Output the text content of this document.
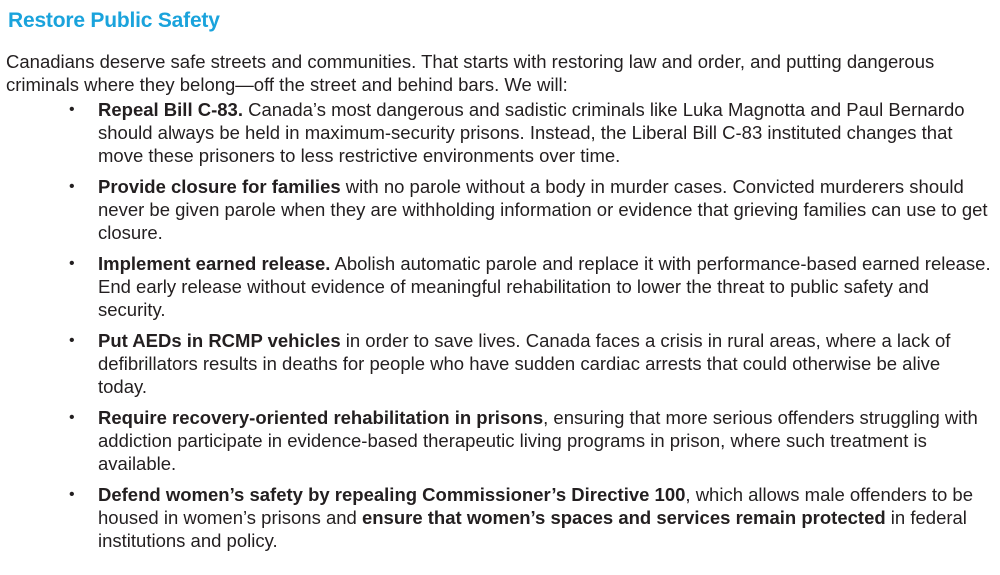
Restore Public Safety
Canadians deserve safe streets and communities. That starts with restoring law and order, and putting dangerous criminals where they belong—off the street and behind bars. We will:
• Repeal Bill C-83. Canada’s most dangerous and sadistic criminals like Luka Magnotta and Paul Bernardo should always be held in maximum-security prisons. Instead, the Liberal Bill C-83 instituted changes that move these prisoners to less restrictive environments over time.
• Provide closure for families with no parole without a body in murder cases. Convicted murderers should never be given parole when they are withholding information or evidence that grieving families can use to get closure.
• Implement earned release. Abolish automatic parole and replace it with performance-based earned release. End early release without evidence of meaningful rehabilitation to lower the threat to public safety and security.
• Put AEDs in RCMP vehicles in order to save lives. Canada faces a crisis in rural areas, where a lack of defibrillators results in deaths for people who have sudden cardiac arrests that could otherwise be alive today.
• Require recovery-oriented rehabilitation in prisons, ensuring that more serious offenders struggling with addiction participate in evidence-based therapeutic living programs in prison, where such treatment is available.
• Defend women’s safety by repealing Commissioner’s Directive 100, which allows male offenders to be housed in women’s prisons and ensure that women’s spaces and services remain protected in federal institutions and policy.
